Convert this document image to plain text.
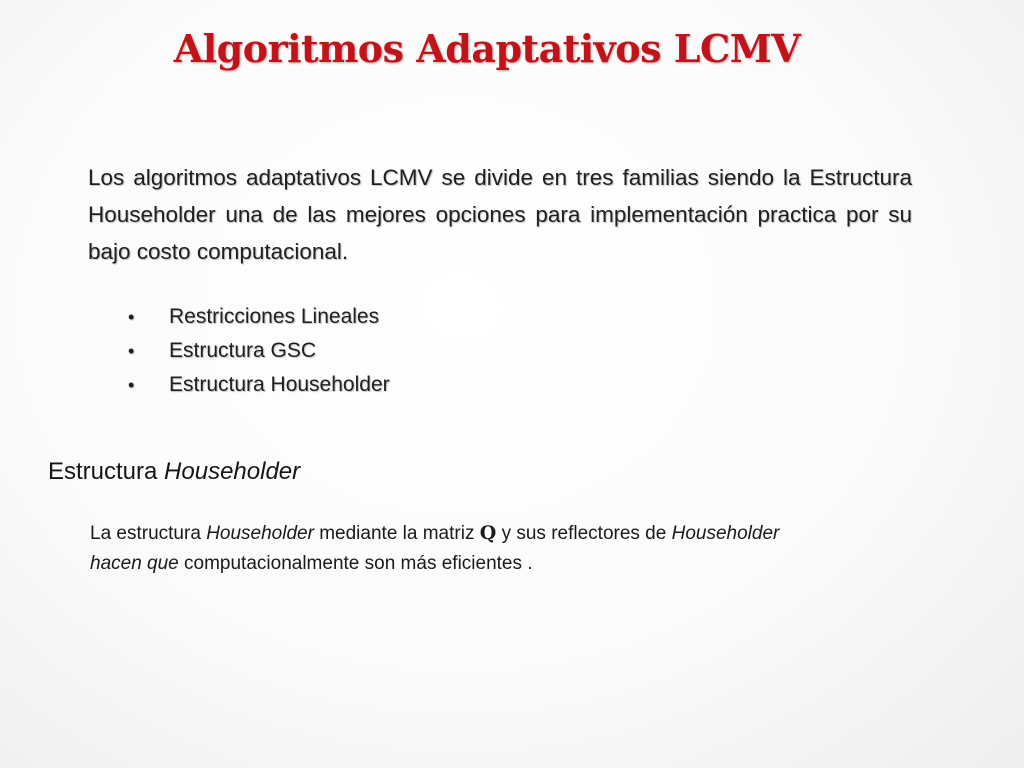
Algoritmos Adaptativos LCMV

Los algoritmos adaptativos LCMV se divide en tres familias siendo la Estructura Householder una de las mejores opciones para implementación practica por su bajo costo computacional.

• Restricciones Lineales
• Estructura GSC
• Estructura Householder
Estructura Householder

La estructura Householder mediante la matriz Q y sus reflectores de Householder
hacen que computacionalmente son más eficientes .
